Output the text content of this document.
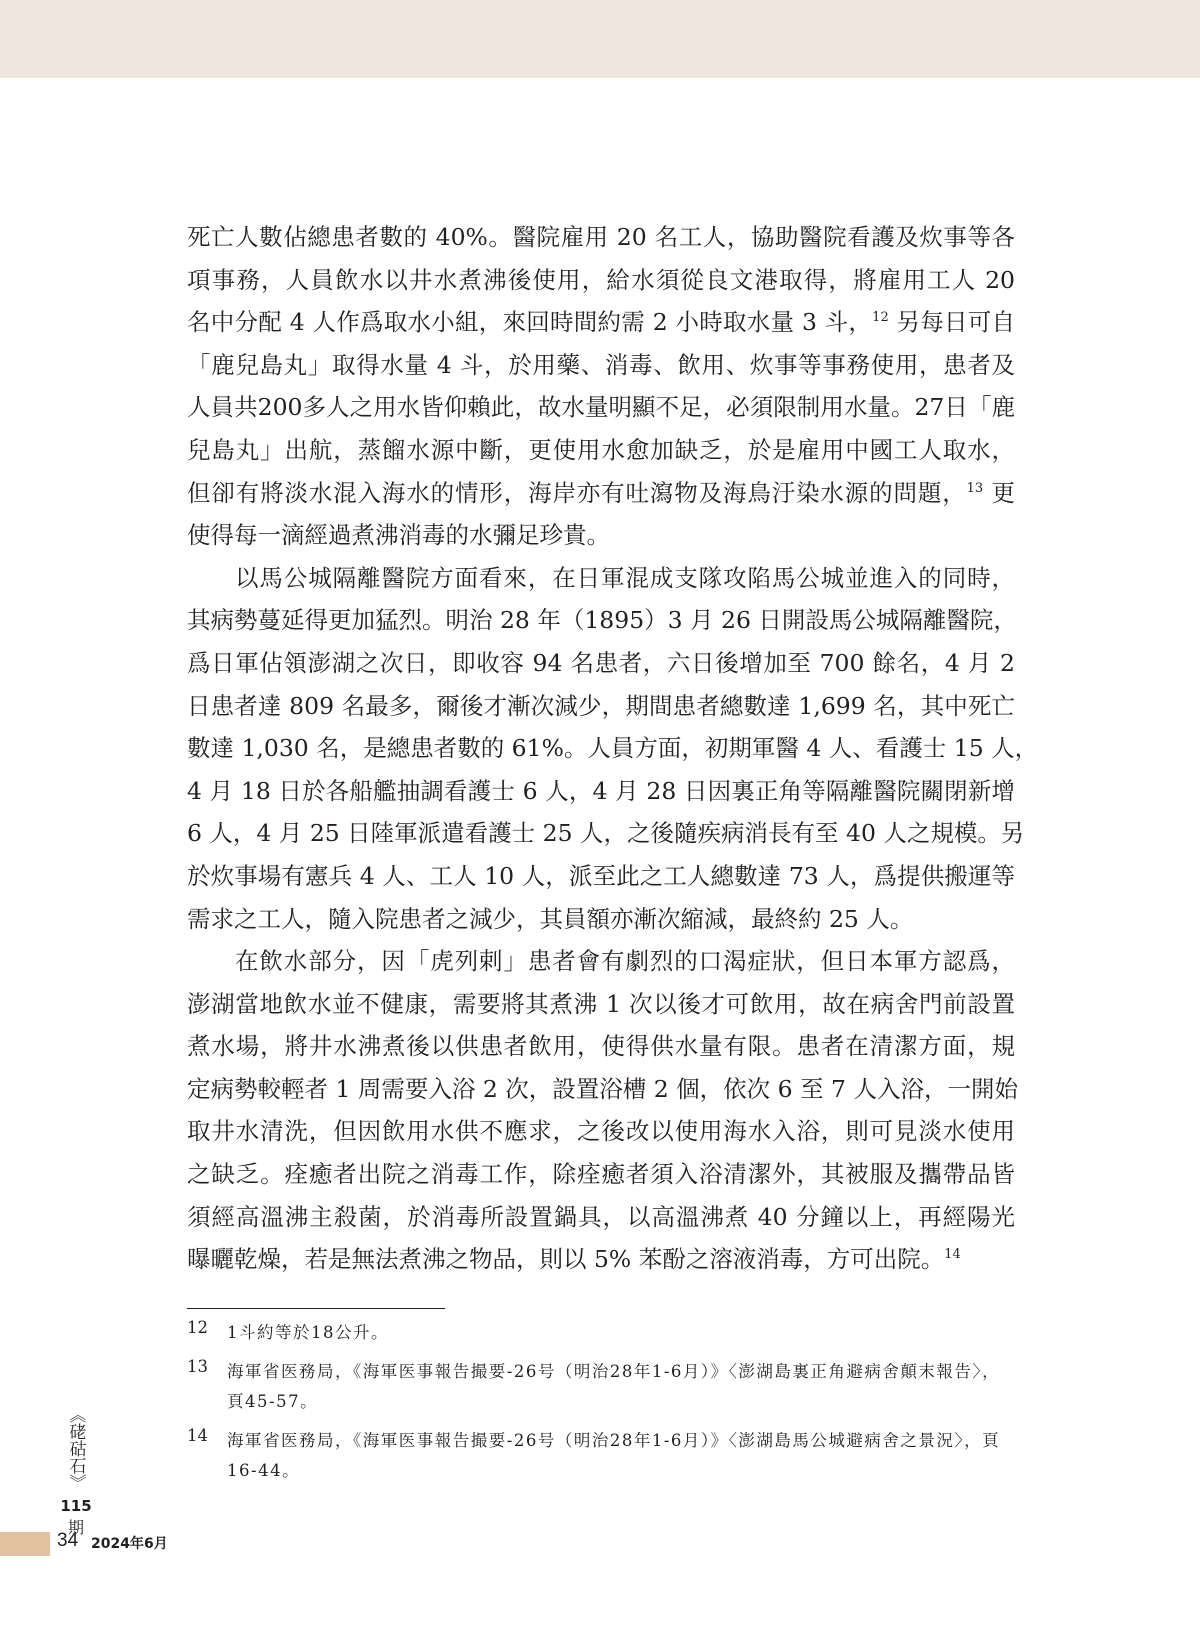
死亡人數佔總患者數的 40%。醫院雇用 20 名工人，協助醫院看護及炊事等各

項事務，人員飲水以井水煮沸後使用，給水須從良文港取得，將雇用工人 20

名中分配 4 人作爲取水小組，來回時間約需 2 小時取水量 3 斗，$^{12}$ 另每日可自

「鹿兒島丸」取得水量 4 斗，於用藥、消毒、飲用、炊事等事務使用，患者及

人員共200多人之用水皆仰賴此，故水量明顯不足，必須限制用水量。27日「鹿

兒島丸」出航，蒸餾水源中斷，更使用水愈加缺乏，於是雇用中國工人取水，

但卻有將淡水混入海水的情形，海岸亦有吐瀉物及海鳥汙染水源的問題，$^{13}$ 更

使得每一滴經過煮沸消毒的水彌足珍貴。

以馬公城隔離醫院方面看來，在日軍混成支隊攻陷馬公城並進入的同時，

其病勢蔓延得更加猛烈。明治 28 年（1895）3 月 26 日開設馬公城隔離醫院，

爲日軍佔領澎湖之次日，即收容 94 名患者，六日後增加至 700 餘名，4 月 2

日患者達 809 名最多，爾後才漸次減少，期間患者總數達 1,699 名，其中死亡

數達 1,030 名，是總患者數的 61%。人員方面，初期軍醫 4 人、看護士 15 人，

4 月 18 日於各船艦抽調看護士 6 人，4 月 28 日因裏正角等隔離醫院關閉新增

6 人，4 月 25 日陸軍派遣看護士 25 人，之後隨疾病消長有至 40 人之規模。另

於炊事場有憲兵 4 人、工人 10 人，派至此之工人總數達 73 人，爲提供搬運等

需求之工人，隨入院患者之減少，其員額亦漸次縮減，最終約 25 人。

在飲水部分，因「虎列剌」患者會有劇烈的口渴症狀，但日本軍方認爲，

澎湖當地飲水並不健康，需要將其煮沸 1 次以後才可飲用，故在病舍門前設置

煮水場，將井水沸煮後以供患者飲用，使得供水量有限。患者在清潔方面，規

定病勢較輕者 1 周需要入浴 2 次，設置浴槽 2 個，依次 6 至 7 人入浴，一開始

取井水清洗，但因飲用水供不應求，之後改以使用海水入浴，則可見淡水使用

之缺乏。痊癒者出院之消毒工作，除痊癒者須入浴清潔外，其被服及攜帶品皆

須經高溫沸主殺菌，於消毒所設置鍋具，以高溫沸煮 40 分鐘以上，再經陽光

曝曬乾燥，若是無法煮沸之物品，則以 5% 苯酚之溶液消毒，方可出院。$^{14}$

12 1斗約等於18公升。
13 海軍省医務局，《海軍医事報告撮要-26号（明治28年1-6月）》〈澎湖島裏正角避病舍顛末報告〉，頁45-57。
14 海軍省医務局，《海軍医事報告撮要-26号（明治28年1-6月）》〈澎湖島馬公城避病舍之景況〉，頁16-44。
《硓𥑮石》
115
期
34 2024年6月
